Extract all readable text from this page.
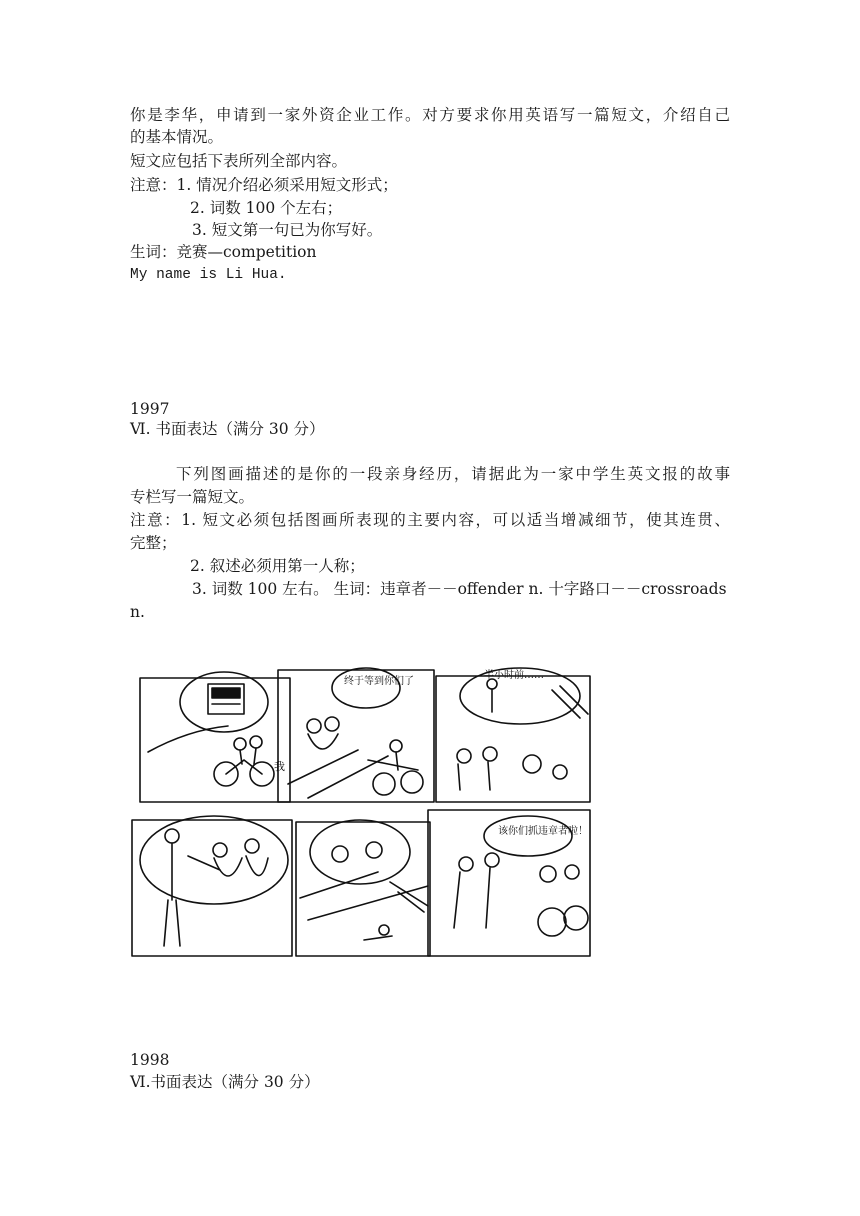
你是李华，申请到一家外资企业工作。对方要求你用英语写一篇短文，介绍自己
的基本情况。
短文应包括下表所列全部内容。
注意：1. 情况介绍必须采用短文形式；
2. 词数 100 个左右；
3. 短文第一句已为你写好。
生词：竞赛—competition
My name is Li Hua.
1997
Ⅵ. 书面表达（满分 30 分）
下列图画描述的是你的一段亲身经历，请据此为一家中学生英文报的故事
专栏写一篇短文。
注意：1. 短文必须包括图画所表现的主要内容，可以适当增减细节，使其连贯、
完整；
2. 叙述必须用第一人称；
3. 词数 100 左右。 生词：违章者－－offender n. 十字路口－－crossroads
n.
我
终于等到你们了
半小时前……
该你们抓违章者啦！
1998
Ⅵ.书面表达（满分 30 分）
